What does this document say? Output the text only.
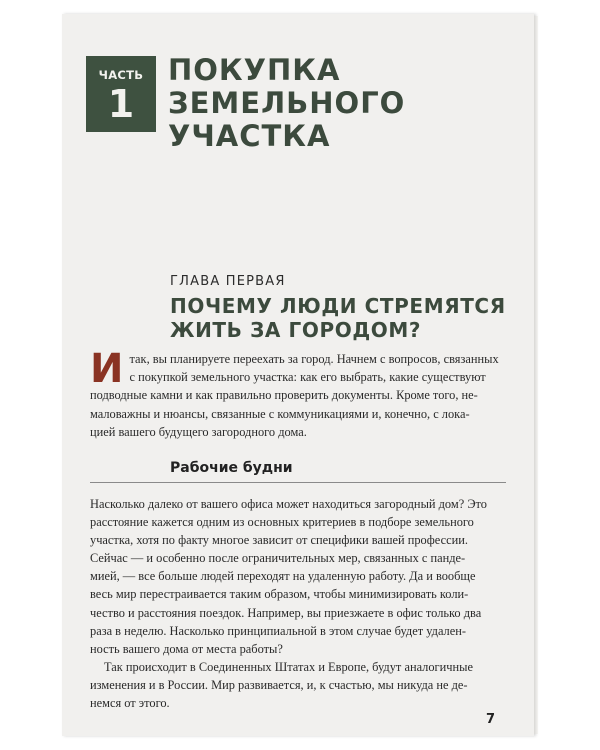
ЧАСТЬ
1
ПОКУПКА
ЗЕМЕЛЬНОГО
УЧАСТКА
ГЛАВА ПЕРВАЯ
ПОЧЕМУ ЛЮДИ СТРЕМЯТСЯ
ЖИТЬ ЗА ГОРОДОМ?
И так, вы планируете переехать за город. Начнем с вопросов, связанных
с покупкой земельного участка: как его выбрать, какие существуют
подводные камни и как правильно проверить документы. Кроме того, не-
маловажны и нюансы, связанные с коммуникациями и, конечно, с лока-
цией вашего будущего загородного дома.
Рабочие будни
Насколько далеко от вашего офиса может находиться загородный дом? Это
расстояние кажется одним из основных критериев в подборе земельного
участка, хотя по факту многое зависит от специфики вашей профессии.
Сейчас — и особенно после ограничительных мер, связанных с панде-
мией, — все больше людей переходят на удаленную работу. Да и вообще
весь мир перестраивается таким образом, чтобы минимизировать коли-
чество и расстояния поездок. Например, вы приезжаете в офис только два
раза в неделю. Насколько принципиальной в этом случае будет удален-
ность вашего дома от места работы?
Так происходит в Соединенных Штатах и Европе, будут аналогичные
изменения и в России. Мир развивается, и, к счастью, мы никуда не де-
немся от этого.
7
